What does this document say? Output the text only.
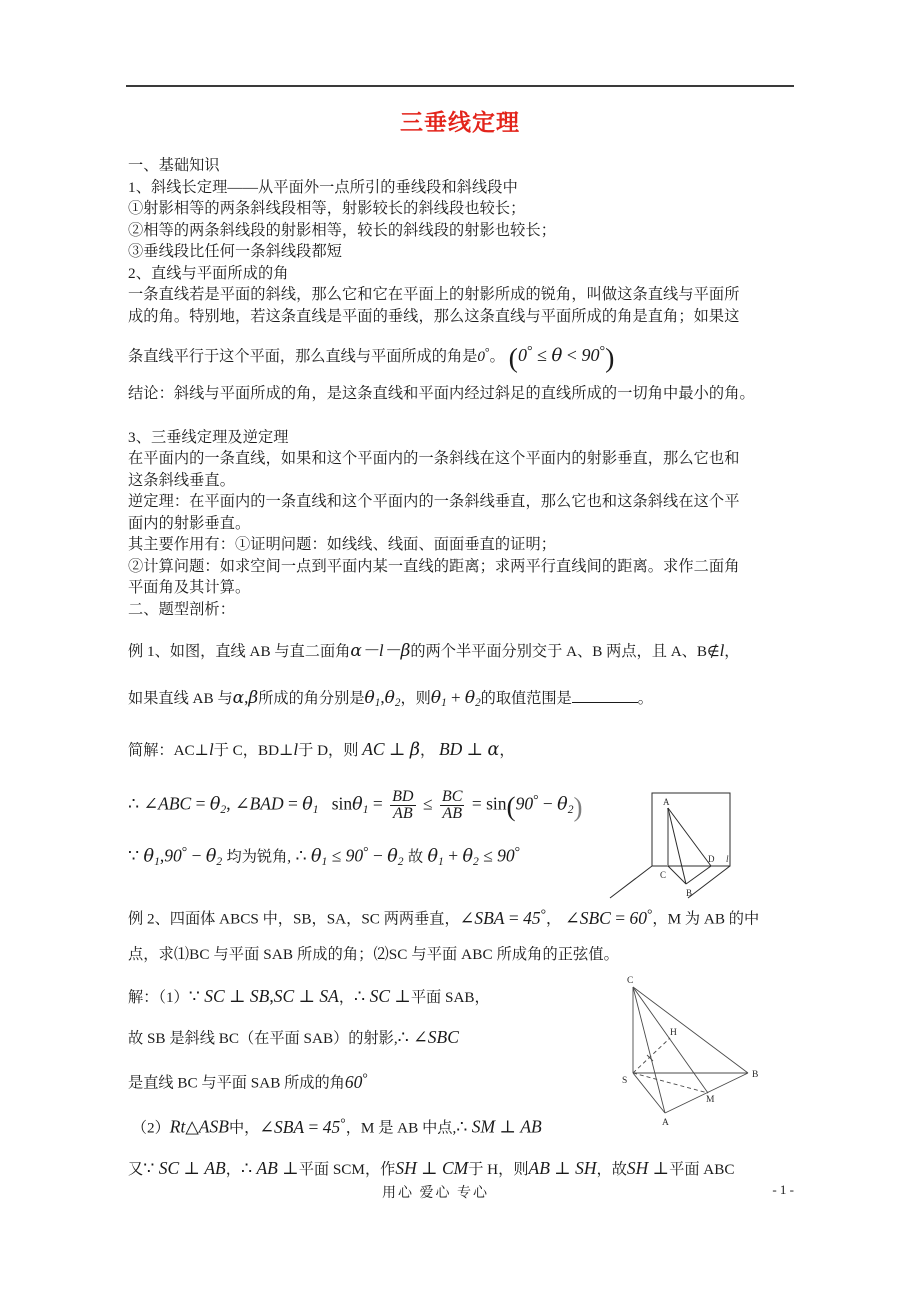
三垂线定理
一、基础知识
1、斜线长定理——从平面外一点所引的垂线段和斜线段中
①射影相等的两条斜线段相等，射影较长的斜线段也较长；
②相等的两条斜线段的射影相等，较长的斜线段的射影也较长；
③垂线段比任何一条斜线段都短
2、直线与平面所成的角
一条直线若是平面的斜线，那么它和它在平面上的射影所成的锐角，叫做这条直线与平面所
成的角。特别地，若这条直线是平面的垂线，那么这条直线与平面所成的角是直角；如果这
条直线平行于这个平面，那么直线与平面所成的角是0°。 (0° ≤ θ < 90°)
结论：斜线与平面所成的角，是这条直线和平面内经过斜足的直线所成的一切角中最小的角。
3、三垂线定理及逆定理
在平面内的一条直线，如果和这个平面内的一条斜线在这个平面内的射影垂直，那么它也和
这条斜线垂直。
逆定理：在平面内的一条直线和这个平面内的一条斜线垂直，那么它也和这条斜线在这个平
面内的射影垂直。
其主要作用有：①证明问题：如线线、线面、面面垂直的证明；
②计算问题：如求空间一点到平面内某一直线的距离；求两平行直线间的距离。求作二面角
平面角及其计算。
二、题型剖析：
例 1、如图，直线 AB 与直二面角α－l－β的两个半平面分别交于 A、B 两点，且 A、B∉l，
如果直线 AB 与α,β所成的角分别是$\theta_1,\theta_2$，则$\theta_1 + \theta_2$的取值范围是	。
简解：AC⊥l于 C，BD⊥l于 D，则 AC ⊥ β， BD ⊥ α，
∴ ∠ABC = $\theta_2$, ∠BAD = $\theta_1$   $\sin\theta_1 = \frac{BD}{AB} \le \frac{BC}{AB} = \sin(90^\circ - \theta_2)$
∵ $\theta_1,90^\circ - \theta_2$ 均为锐角, ∴ $\theta_1 \le 90^\circ - \theta_2$ 故 $\theta_1 + \theta_2 \le 90^\circ$
例 2、四面体 ABCS 中，SB，SA，SC 两两垂直，∠SBA = 45°， ∠SBC = 60°，M 为 AB 的中
点，求⑴BC 与平面 SAB 所成的角；⑵SC 与平面 ABC 所成角的正弦值。
解：（1）∵ SC ⊥ SB,SC ⊥ SA，∴ SC ⊥平面 SAB，
故 SB 是斜线 BC（在平面 SAB）的射影,∴ ∠SBC
是直线 BC 与平面 SAB 所成的角60°
（2）Rt△ASB中，∠SBA = 45°，M 是 AB 中点,∴ SM ⊥ AB
又∵ SC ⊥ AB，∴ AB ⊥平面 SCM，作SH ⊥ CM于 H，则AB ⊥ SH，故SH ⊥平面 ABC
A
C
D
B
l
C
H
S
B
M
A
用心 爱心 专心	- 1 -
